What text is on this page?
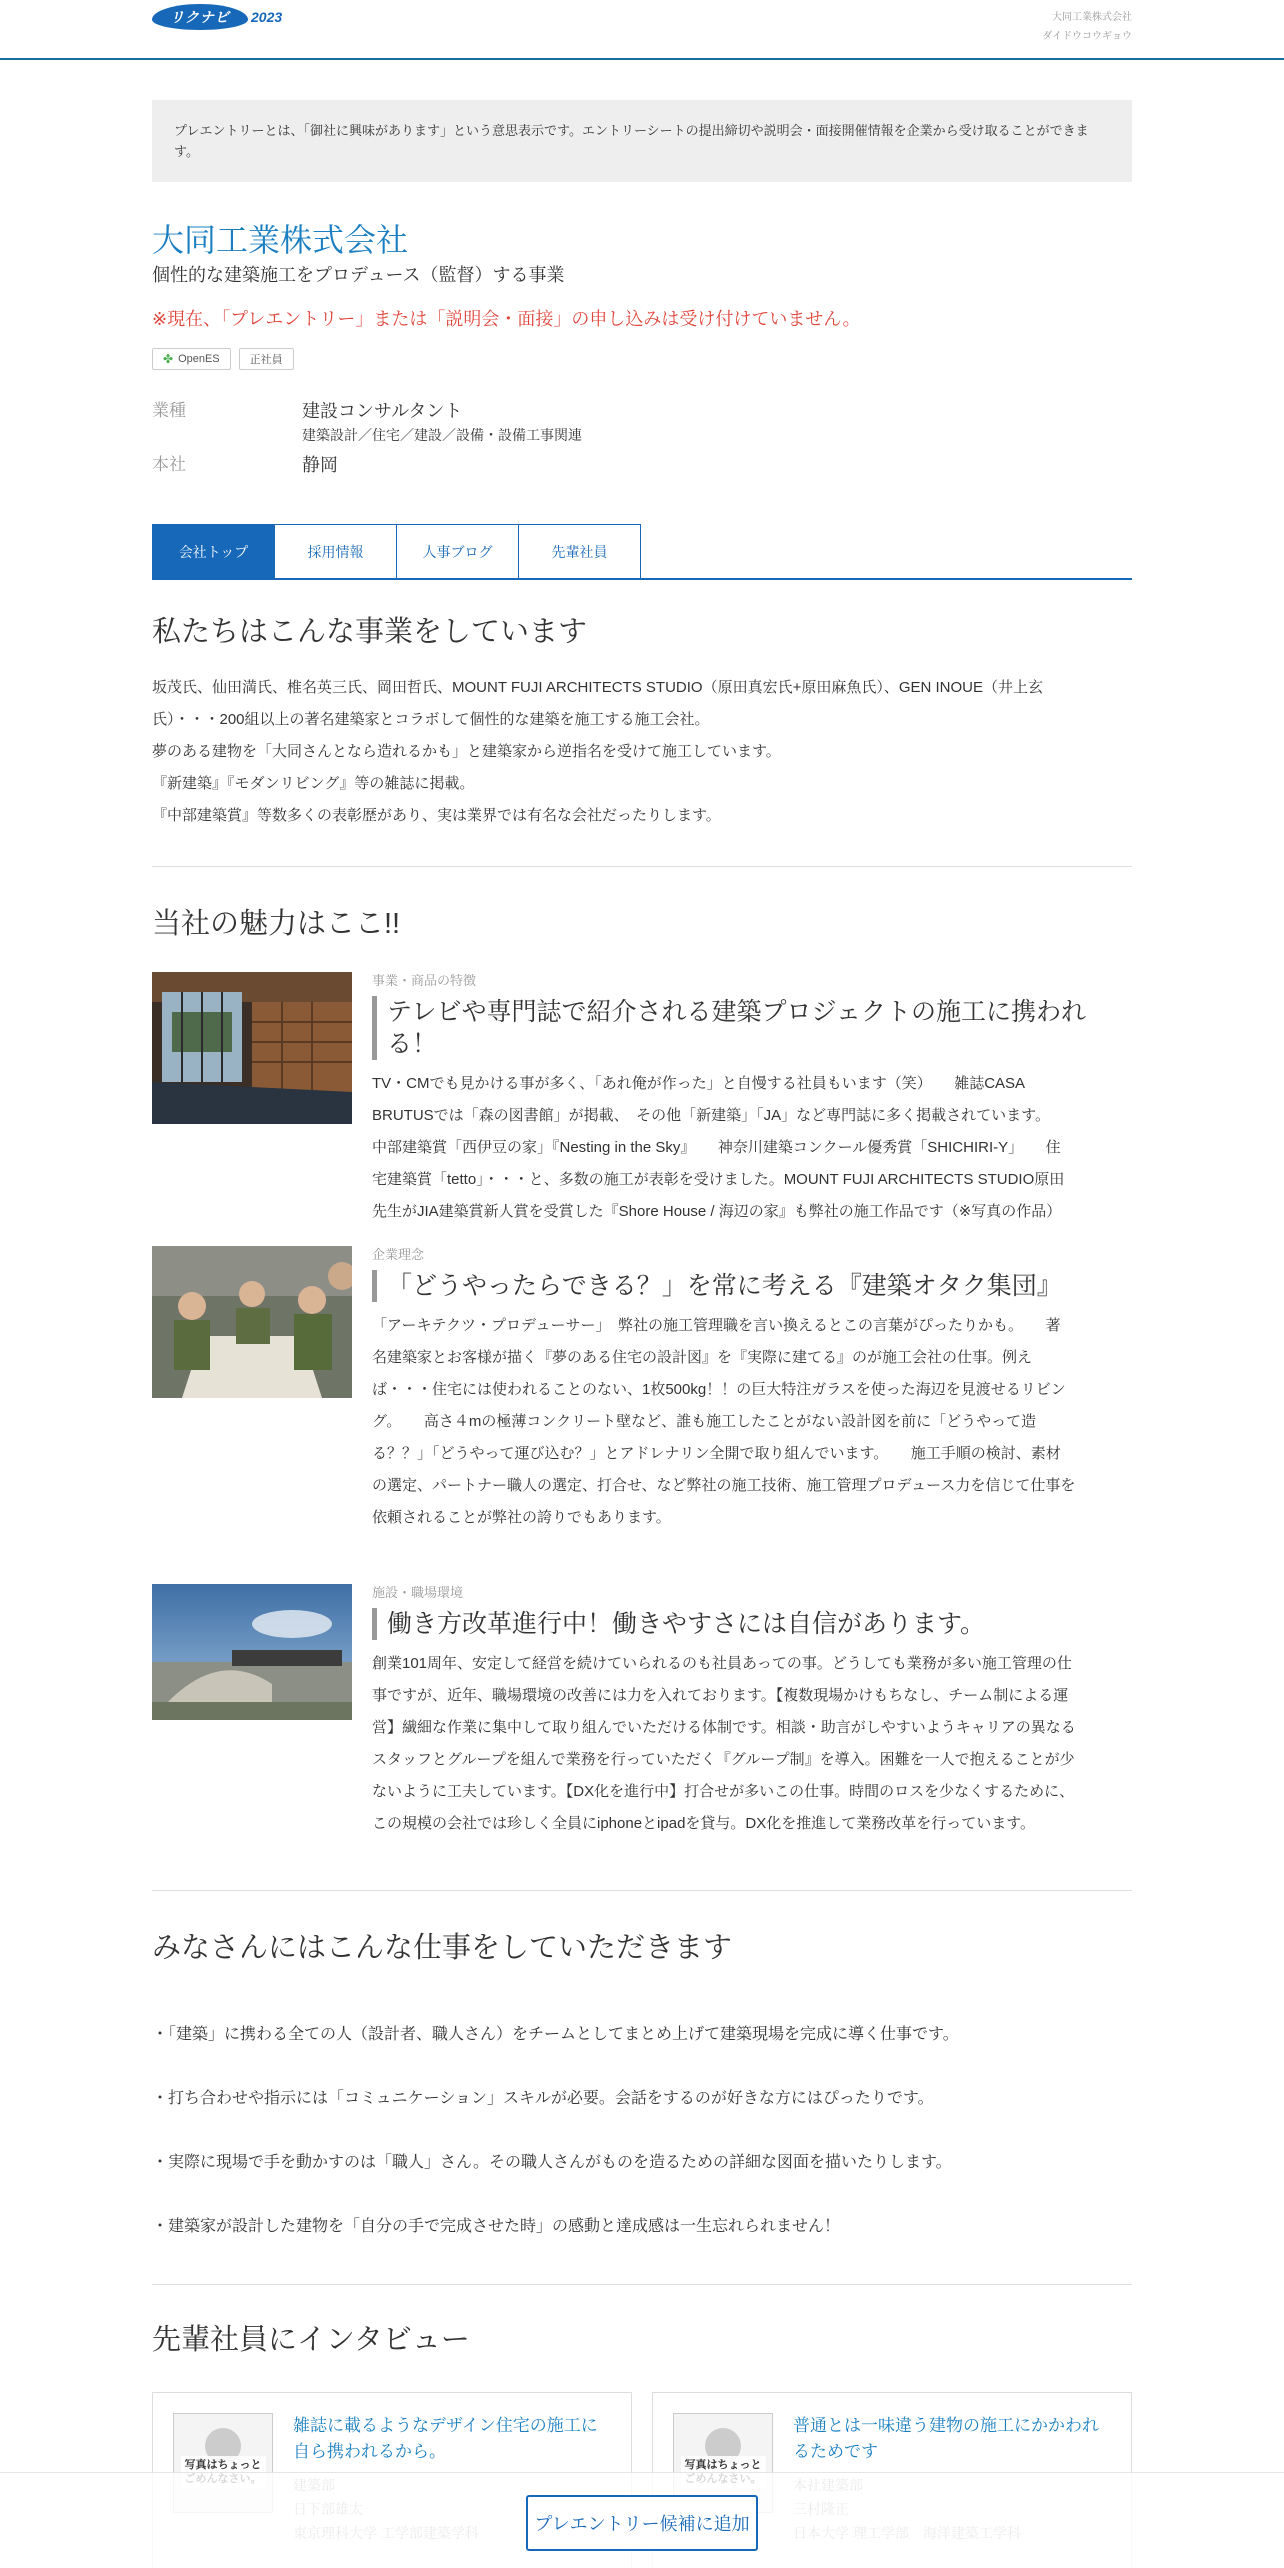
リクナビ	2023	大同工業株式会社
ダイドウコウギョウ
プレエントリーとは、「御社に興味があります」という意思表示です。エントリーシートの提出締切や説明会・面接開催情報を企業から受け取ることができます。
大同工業株式会社
個性的な建築施工をプロデュース（監督）する事業
※現在、「プレエントリー」または「説明会・面接」の申し込みは受け付けていません。
✤ OpenES	正社員
業種	建設コンサルタント
建築設計／住宅／建設／設備・設備工事関連
本社	静岡
会社トップ	採用情報	人事ブログ	先輩社員
私たちはこんな事業をしています
坂茂氏、仙田満氏、椎名英三氏、岡田哲氏、MOUNT FUJI ARCHITECTS STUDIO（原田真宏氏+原田麻魚氏）、GEN INOUE（井上玄
氏）・・・200組以上の著名建築家とコラボして個性的な建築を施工する施工会社。
夢のある建物を「大同さんとなら造れるかも」と建築家から逆指名を受けて施工しています。
『新建築』『モダンリビング』等の雑誌に掲載。
『中部建築賞』等数多くの表彰歴があり、実は業界では有名な会社だったりします。
当社の魅力はここ!!
事業・商品の特徴
テレビや専門誌で紹介される建築プロジェクトの施工に携われる！
TV・CMでも見かける事が多く、「あれ俺が作った」と自慢する社員もいます（笑）　　雑誌CASA
BRUTUSでは「森の図書館」が掲載、　その他「新建築」「JA」など専門誌に多く掲載されています。
中部建築賞「西伊豆の家」『Nesting in the Sky』　　神奈川建築コンクール優秀賞「SHICHIRI-Y」　　住
宅建築賞「tetto」・・・と、多数の施工が表彰を受けました。MOUNT FUJI ARCHITECTS STUDIO原田
先生がJIA建築賞新人賞を受賞した『Shore House / 海辺の家』も弊社の施工作品です（※写真の作品）
企業理念
「どうやったらできる？」を常に考える『建築オタク集団』
「アーキテクツ・プロデューサー」　弊社の施工管理職を言い換えるとこの言葉がぴったりかも。　　著
名建築家とお客様が描く『夢のある住宅の設計図』を『実際に建てる』のが施工会社の仕事。例え
ば・・・住宅には使われることのない、1枚500kg！！の巨大特注ガラスを使った海辺を見渡せるリビン
グ。　　高さ４mの極薄コンクリート壁など、誰も施工したことがない設計図を前に「どうやって造
る？？」「どうやって運び込む？」とアドレナリン全開で取り組んでいます。　　施工手順の検討、素材
の選定、パートナー職人の選定、打合せ、など弊社の施工技術、施工管理プロデュース力を信じて仕事を
依頼されることが弊社の誇りでもあります。
施設・職場環境
働き方改革進行中！働きやすさには自信があります。
創業101周年、安定して経営を続けていられるのも社員あっての事。どうしても業務が多い施工管理の仕
事ですが、近年、職場環境の改善には力を入れております。【複数現場かけもちなし、チーム制による運
営】繊細な作業に集中して取り組んでいただける体制です。相談・助言がしやすいようキャリアの異なる
スタッフとグループを組んで業務を行っていただく『グループ制』を導入。困難を一人で抱えることが少
ないように工夫しています。【DX化を進行中】打合せが多いこの仕事。時間のロスを少なくするために、
この規模の会社では珍しく全員にiphoneとipadを貸与。DX化を推進して業務改革を行っています。
みなさんにはこんな仕事をしていただきます
・「建築」に携わる全ての人（設計者、職人さん）をチームとしてまとめ上げて建築現場を完成に導く仕事です。
・打ち合わせや指示には「コミュニケーション」スキルが必要。会話をするのが好きな方にはぴったりです。
・実際に現場で手を動かすのは「職人」さん。その職人さんがものを造るための詳細な図面を描いたりします。
・建築家が設計した建物を「自分の手で完成させた時」の感動と達成感は一生忘れられません！
先輩社員にインタビュー
写真はちょっと

雑誌に載るようなデザイン住宅の施工に自ら携われるから。
写真はちょっと

普通とは一味違う建物の施工にかかわれるためです
プレエントリー候補に追加
